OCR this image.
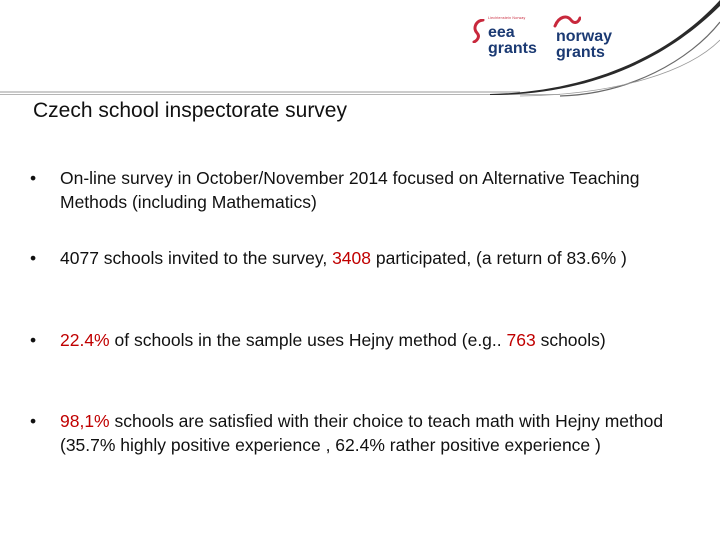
Liechtenstein Norway
eea
grants
norway
grants
Czech school inspectorate survey

• On-line survey in October/November 2014 focused on Alternative Teaching Methods (including Mathematics)

• 4077 schools invited to the survey, 3408 participated, (a return of 83.6% )

• 22.4% of schools in the sample uses Hejny method (e.g.. 763 schools)

• 98,1% schools are satisfied with their choice to teach math with Hejny method (35.7% highly positive experience , 62.4% rather positive experience )
